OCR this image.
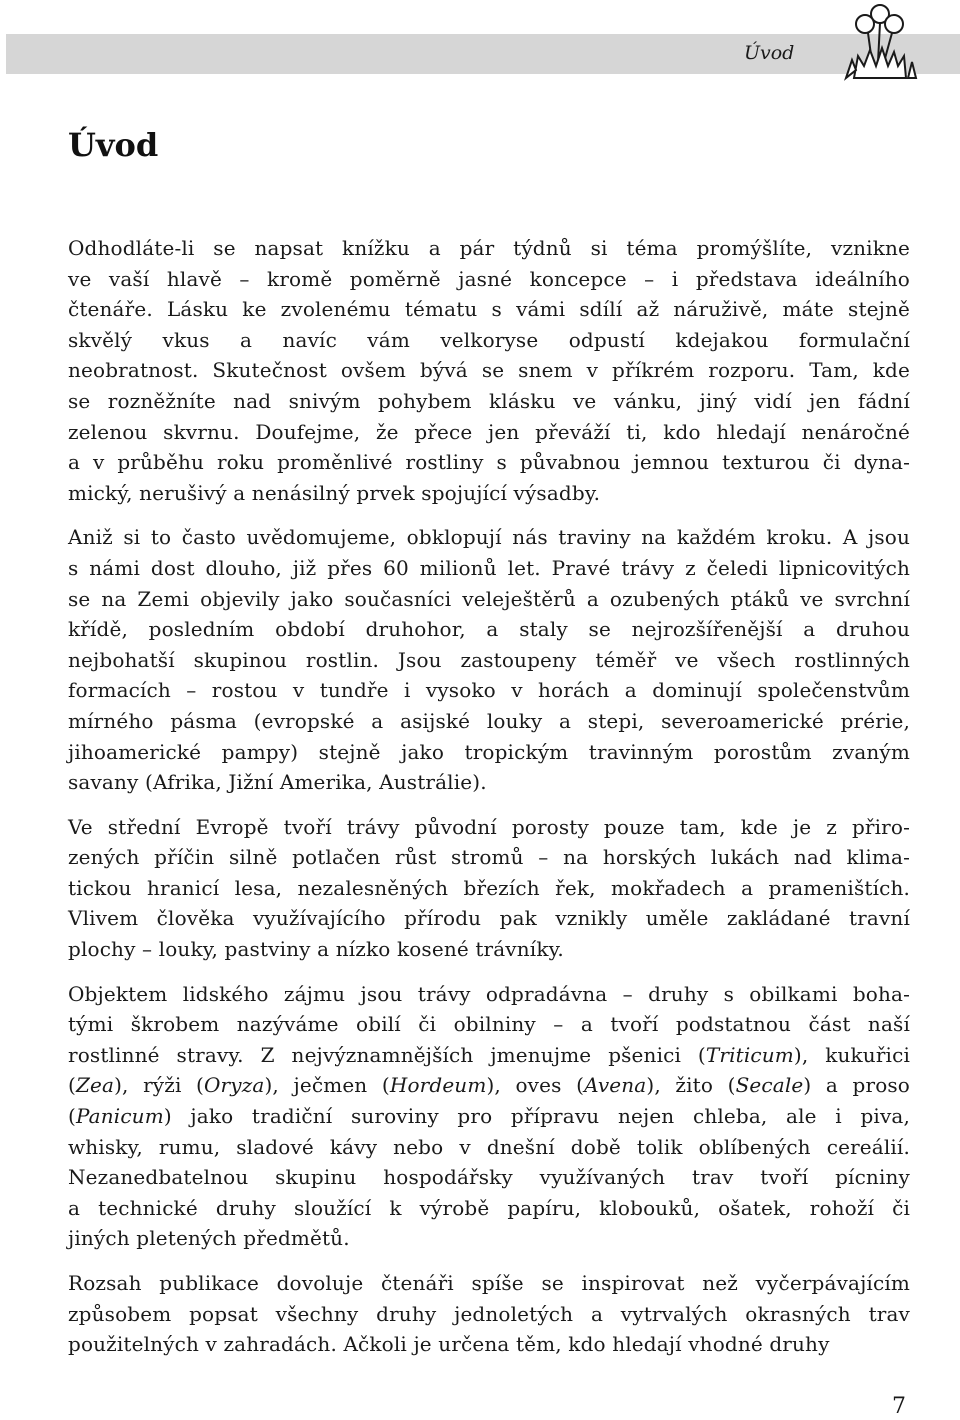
Úvod
Úvod

Odhodláte-li se napsat knížku a pár týdnů si téma promýšlíte, vznikne
ve vaší hlavě – kromě poměrně jasné koncepce – i představa ideálního
čtenáře. Lásku ke zvolenému tématu s vámi sdílí až náruživě, máte stejně
skvělý vkus a navíc vám velkoryse odpustí kdejakou formulační
neobratnost. Skutečnost ovšem bývá se snem v příkrém rozporu. Tam, kde
se rozněžníte nad snivým pohybem klásku ve vánku, jiný vidí jen fádní
zelenou skvrnu. Doufejme, že přece jen převáží ti, kdo hledají nenáročné
a v průběhu roku proměnlivé rostliny s půvabnou jemnou texturou či dyna-
mický, nerušivý a nenásilný prvek spojující výsadby.

Aniž si to často uvědomujeme, obklopují nás traviny na každém kroku. A jsou
s námi dost dlouho, již přes 60 milionů let. Pravé trávy z čeledi lipnicovitých
se na Zemi objevily jako současníci veleještěrů a ozubených ptáků ve svrchní
křídě, posledním období druhohor, a staly se nejrozšířenější a druhou
nejbohatší skupinou rostlin. Jsou zastoupeny téměř ve všech rostlinných
formacích – rostou v tundře i vysoko v horách a dominují společenstvům
mírného pásma (evropské a asijské louky a stepi, severoamerické prérie,
jihoamerické pampy) stejně jako tropickým travinným porostům zvaným
savany (Afrika, Jižní Amerika, Austrálie).

Ve střední Evropě tvoří trávy původní porosty pouze tam, kde je z přiro-
zených příčin silně potlačen růst stromů – na horských lukách nad klima-
tickou hranicí lesa, nezalesněných březích řek, mokřadech a prameništích.
Vlivem člověka využívajícího přírodu pak vznikly uměle zakládané travní
plochy – louky, pastviny a nízko kosené trávníky.

Objektem lidského zájmu jsou trávy odpradávna – druhy s obilkami boha-
tými škrobem nazýváme obilí či obilniny – a tvoří podstatnou část naší
rostlinné stravy. Z nejvýznamnějších jmenujme pšenici (Triticum), kukuřici
(Zea), rýži (Oryza), ječmen (Hordeum), oves (Avena), žito (Secale) a proso
(Panicum) jako tradiční suroviny pro přípravu nejen chleba, ale i piva,
whisky, rumu, sladové kávy nebo v dnešní době tolik oblíbených cereálií.
Nezanedbatelnou skupinu hospodářsky využívaných trav tvoří pícniny
a technické druhy sloužící k výrobě papíru, klobouků, ošatek, rohoží či
jiných pletených předmětů.

Rozsah publikace dovoluje čtenáři spíše se inspirovat než vyčerpávajícím
způsobem popsat všechny druhy jednoletých a vytrvalých okrasných trav
použitelných v zahradách. Ačkoli je určena těm, kdo hledají vhodné druhy

7
